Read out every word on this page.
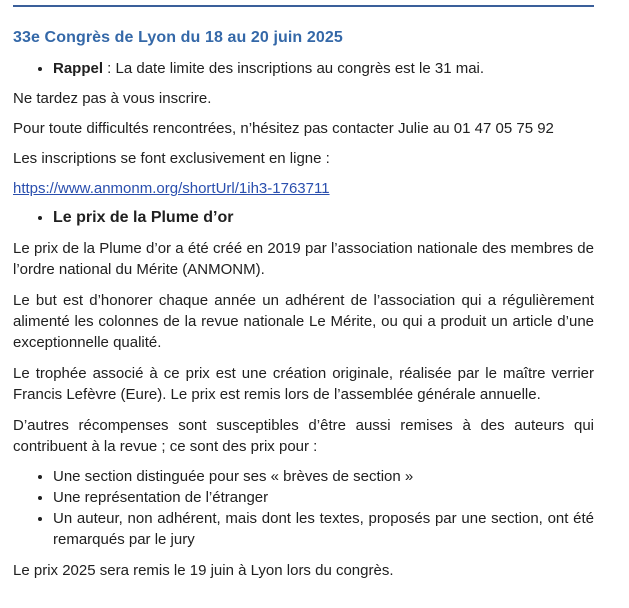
33e Congrès de Lyon du 18 au 20 juin 2025
• Rappel : La date limite des inscriptions au congrès est le 31 mai.

Ne tardez pas à vous inscrire.

Pour toute difficultés rencontrées, n’hésitez pas contacter Julie au 01 47 05 75 92

Les inscriptions se font exclusivement en ligne :

https://www.anmonm.org/shortUrl/1ih3-1763711

• Le prix de la Plume d’or

Le prix de la Plume d’or a été créé en 2019 par l’association nationale des membres de l’ordre national du Mérite (ANMONM).

Le but est d’honorer chaque année un adhérent de l’association qui a régulièrement alimenté les colonnes de la revue nationale Le Mérite, ou qui a produit un article d’une exceptionnelle qualité.

Le trophée associé à ce prix est une création originale, réalisée par le maître verrier Francis Lefèvre (Eure). Le prix est remis lors de l’assemblée générale annuelle.

D’autres récompenses sont susceptibles d’être aussi remises à des auteurs qui contribuent à la revue ; ce sont des prix pour :

• Une section distinguée pour ses « brèves de section »
• Une représentation de l’étranger
• Un auteur, non adhérent, mais dont les textes, proposés par une section, ont été remarqués par le jury

Le prix 2025 sera remis le 19 juin à Lyon lors du congrès.
